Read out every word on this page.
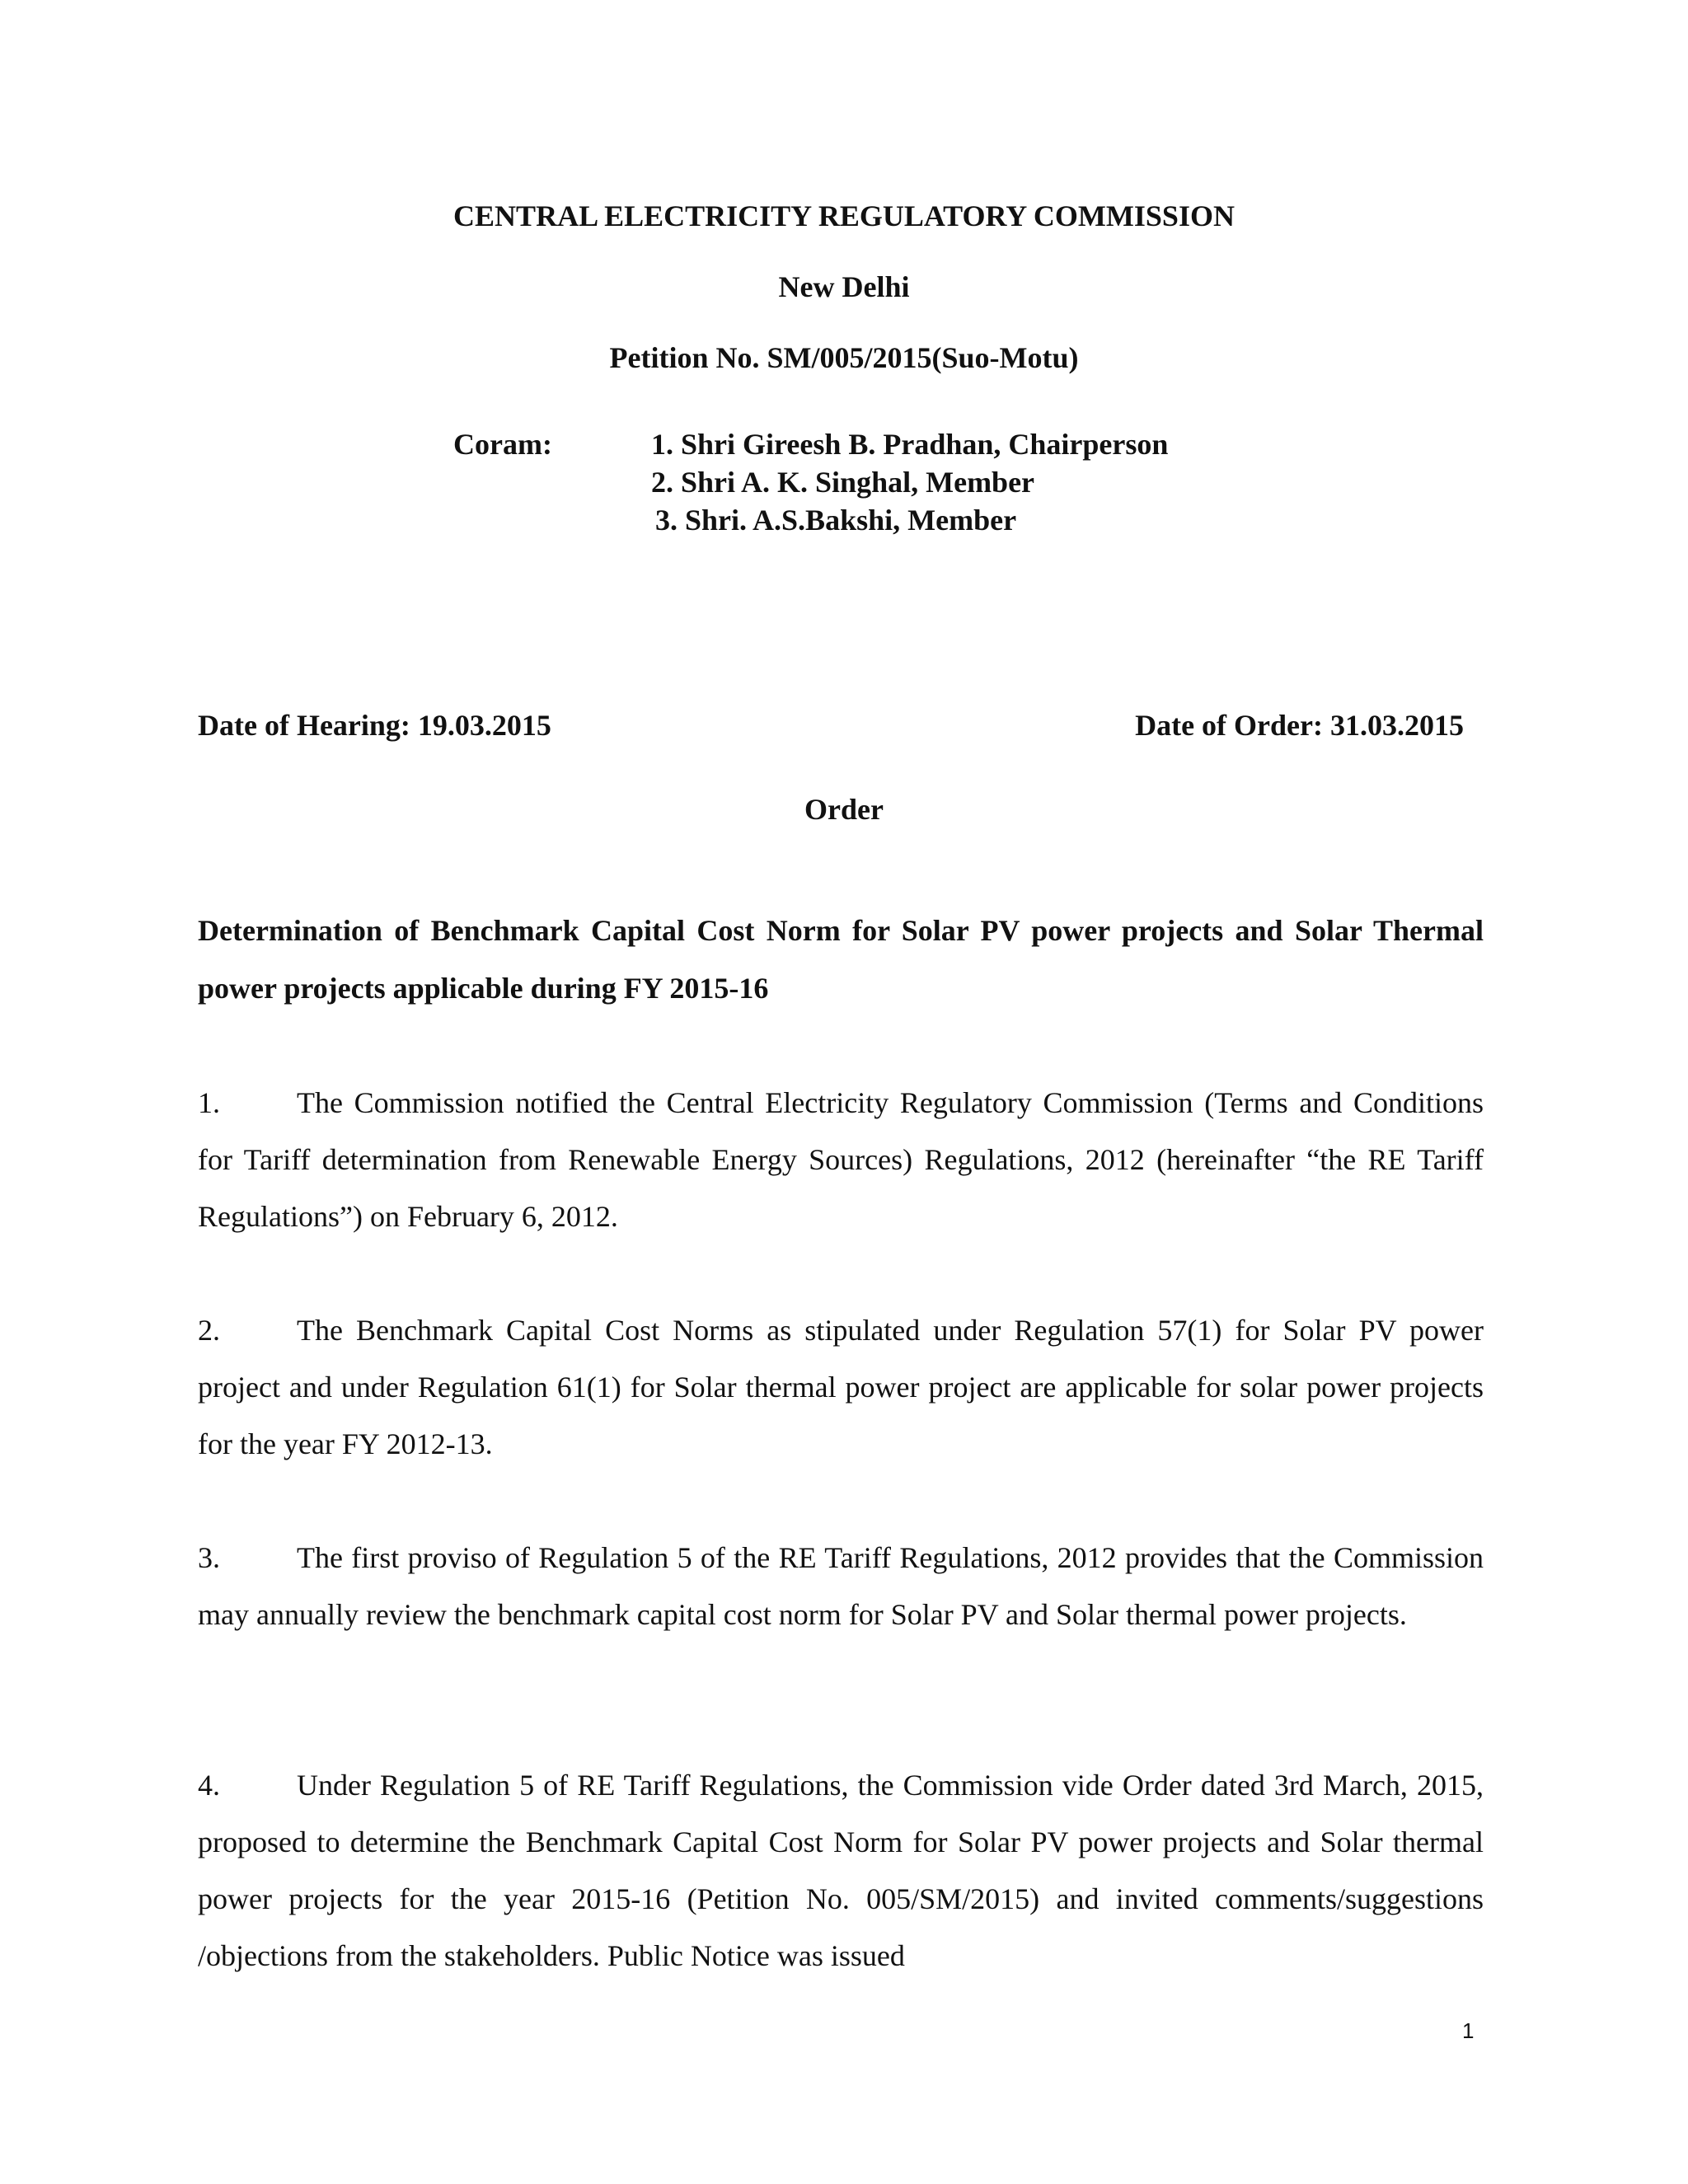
CENTRAL ELECTRICITY REGULATORY COMMISSION
New Delhi
Petition No. SM/005/2015(Suo-Motu)
Coram:	1. Shri Gireesh B. Pradhan, Chairperson
2. Shri A. K. Singhal, Member
3. Shri. A.S.Bakshi, Member
Date of Hearing: 19.03.2015	Date of Order: 31.03.2015
Order
Determination of Benchmark Capital Cost Norm for Solar PV power projects and Solar Thermal power projects applicable during FY 2015-16
1.	The Commission notified the Central Electricity Regulatory Commission (Terms and Conditions for Tariff determination from Renewable Energy Sources) Regulations, 2012 (hereinafter “the RE Tariff Regulations”) on February 6, 2012.
2.	The Benchmark Capital Cost Norms as stipulated under Regulation 57(1) for Solar PV power project and under Regulation 61(1) for Solar thermal power project are applicable for solar power projects for the year FY 2012-13.
3.	The first proviso of Regulation 5 of the RE Tariff Regulations, 2012 provides that the Commission may annually review the benchmark capital cost norm for Solar PV and Solar thermal power projects.
4.	Under Regulation 5 of RE Tariff Regulations, the Commission vide Order dated 3rd March, 2015, proposed to determine the Benchmark Capital Cost Norm for Solar PV power projects and Solar thermal power projects for the year 2015-16 (Petition No. 005/SM/2015) and invited comments/suggestions /objections from the stakeholders. Public Notice was issued
1
